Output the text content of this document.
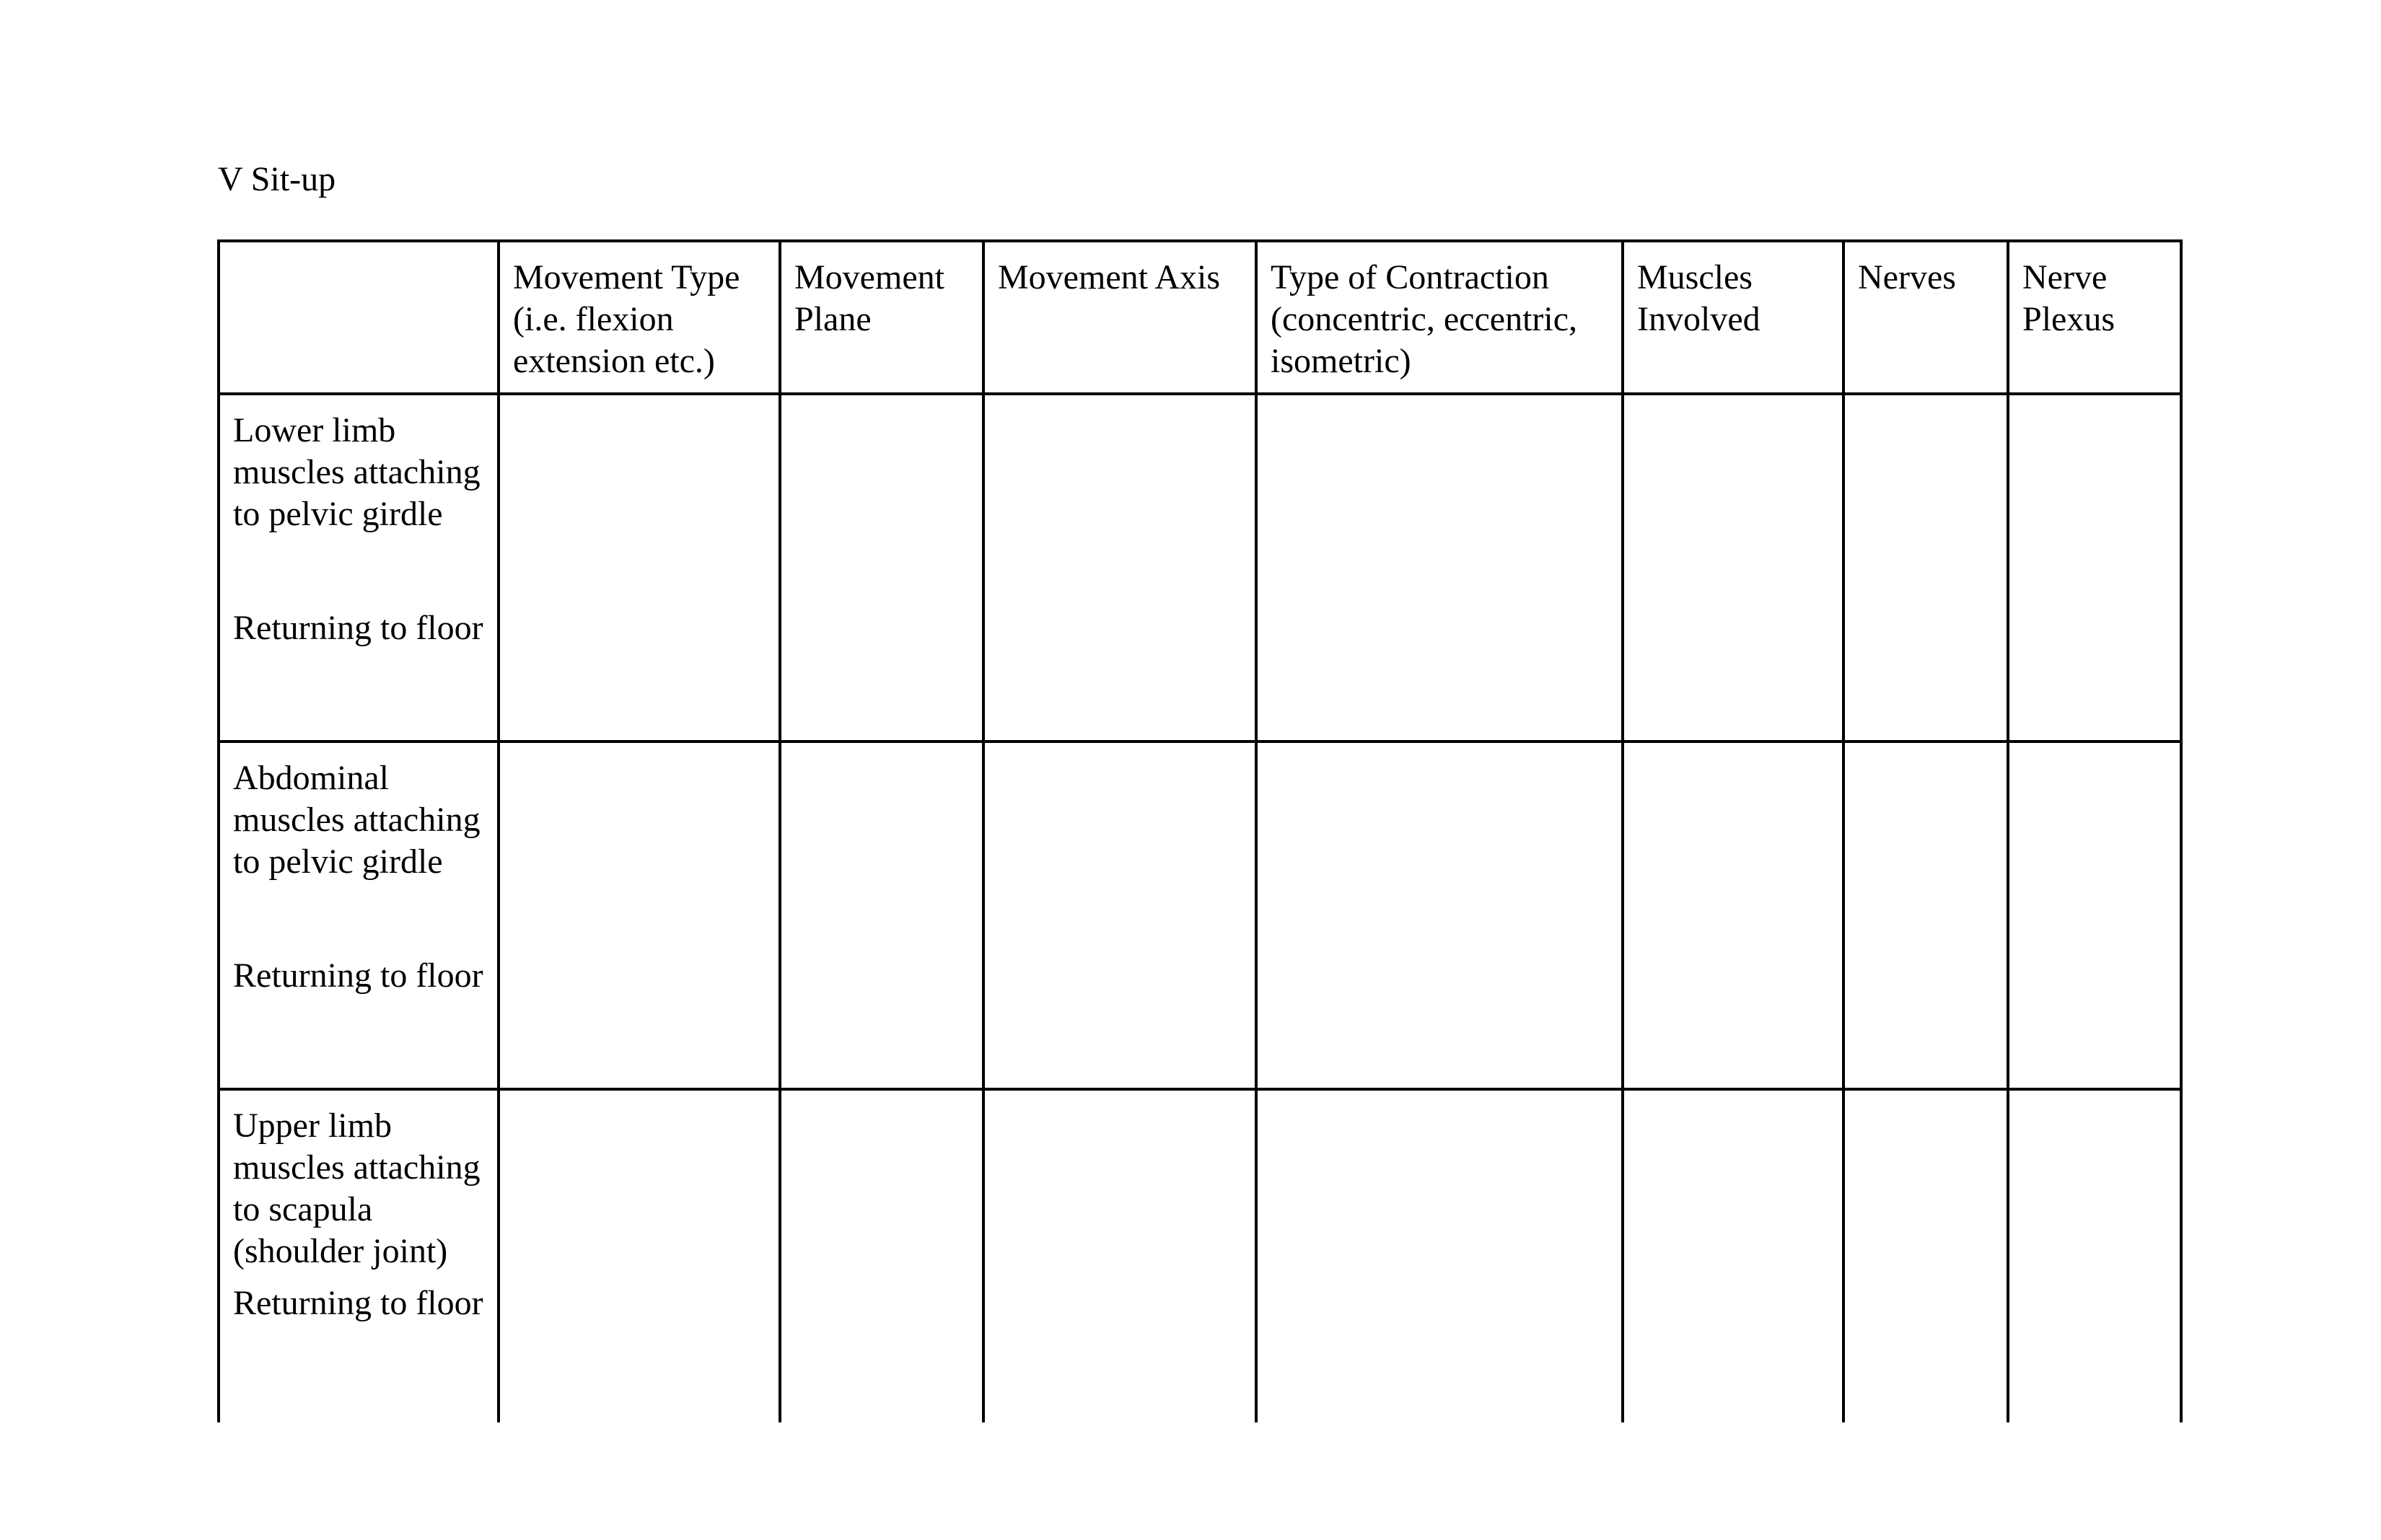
V Sit-up
	Movement Type (i.e. flexion extension etc.)	Movement Plane	Movement Axis	Type of Contraction (concentric, eccentric, isometric)	Muscles Involved	Nerves	Nerve Plexus

Lower limb muscles attaching to pelvic girdle
Returning to floor							

Abdominal muscles attaching to pelvic girdle
Returning to floor							

Upper limb muscles attaching to scapula (shoulder joint)
Returning to floor							
